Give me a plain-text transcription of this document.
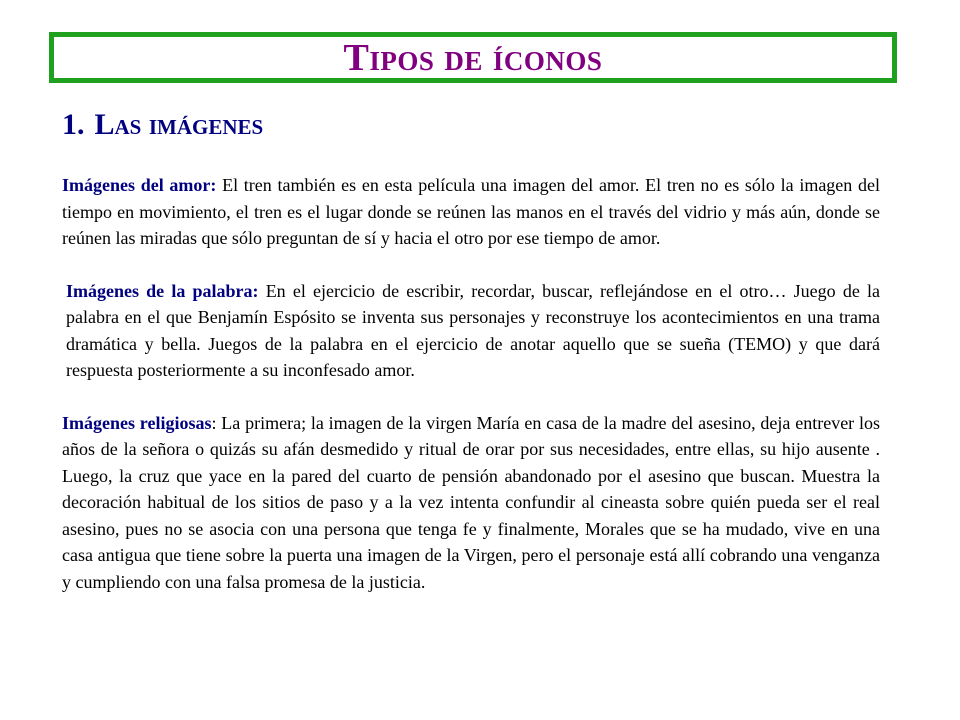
Tipos de íconos
1. Las imágenes

Imágenes del amor: El tren también es en esta película una imagen del amor. El tren no es sólo la imagen del tiempo en movimiento, el tren es el lugar donde se reúnen las manos en el través del vidrio y más aún, donde se reúnen las miradas que sólo preguntan de sí y hacia el otro por ese tiempo de amor.

Imágenes de la palabra: En el ejercicio de escribir, recordar, buscar, reflejándose en el otro… Juego de la palabra en el que Benjamín Espósito se inventa sus personajes y reconstruye los acontecimientos en una trama dramática y bella. Juegos de la palabra en el ejercicio de anotar aquello que se sueña (TEMO) y que dará respuesta posteriormente a su inconfesado amor.

Imágenes religiosas: La primera; la imagen de la virgen María en casa de la madre del asesino, deja entrever los años de la señora o quizás su afán desmedido y ritual de orar por sus necesidades, entre ellas, su hijo ausente . Luego, la cruz que yace en la pared del cuarto de pensión abandonado por el asesino que buscan. Muestra la decoración habitual de los sitios de paso y a la vez intenta confundir al cineasta sobre quién pueda ser el real asesino, pues no se asocia con una persona que tenga fe y finalmente, Morales que se ha mudado, vive en una casa antigua que tiene sobre la puerta una imagen de la Virgen, pero el personaje está allí cobrando una venganza y cumpliendo con una falsa promesa de la justicia.
